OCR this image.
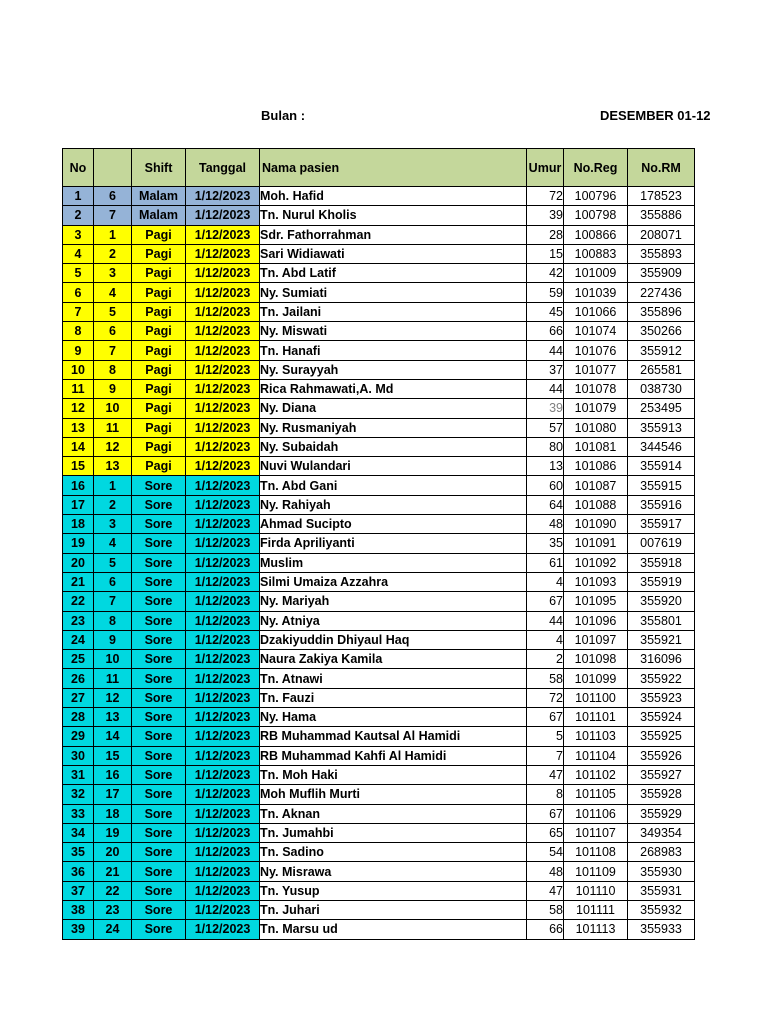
Bulan :	DESEMBER 01-12
No		Shift	Tanggal	Nama pasien	Umur	No.Reg	No.RM
1	6	Malam	1/12/2023	Moh. Hafid	72	100796	178523
2	7	Malam	1/12/2023	Tn. Nurul Kholis	39	100798	355886
3	1	Pagi	1/12/2023	Sdr. Fathorrahman	28	100866	208071
4	2	Pagi	1/12/2023	Sari Widiawati	15	100883	355893
5	3	Pagi	1/12/2023	Tn. Abd Latif	42	101009	355909
6	4	Pagi	1/12/2023	Ny. Sumiati	59	101039	227436
7	5	Pagi	1/12/2023	Tn. Jailani	45	101066	355896
8	6	Pagi	1/12/2023	Ny. Miswati	66	101074	350266
9	7	Pagi	1/12/2023	Tn. Hanafi	44	101076	355912
10	8	Pagi	1/12/2023	Ny. Surayyah	37	101077	265581
11	9	Pagi	1/12/2023	Rica Rahmawati,A. Md	44	101078	038730
12	10	Pagi	1/12/2023	Ny. Diana	39	101079	253495
13	11	Pagi	1/12/2023	Ny. Rusmaniyah	57	101080	355913
14	12	Pagi	1/12/2023	Ny. Subaidah	80	101081	344546
15	13	Pagi	1/12/2023	Nuvi Wulandari	13	101086	355914
16	1	Sore	1/12/2023	Tn. Abd Gani	60	101087	355915
17	2	Sore	1/12/2023	Ny. Rahiyah	64	101088	355916
18	3	Sore	1/12/2023	Ahmad Sucipto	48	101090	355917
19	4	Sore	1/12/2023	Firda Apriliyanti	35	101091	007619
20	5	Sore	1/12/2023	Muslim	61	101092	355918
21	6	Sore	1/12/2023	Silmi Umaiza Azzahra	4	101093	355919
22	7	Sore	1/12/2023	Ny. Mariyah	67	101095	355920
23	8	Sore	1/12/2023	Ny. Atniya	44	101096	355801
24	9	Sore	1/12/2023	Dzakiyuddin Dhiyaul Haq	4	101097	355921
25	10	Sore	1/12/2023	Naura Zakiya Kamila	2	101098	316096
26	11	Sore	1/12/2023	Tn. Atnawi	58	101099	355922
27	12	Sore	1/12/2023	Tn. Fauzi	72	101100	355923
28	13	Sore	1/12/2023	Ny. Hama	67	101101	355924
29	14	Sore	1/12/2023	RB Muhammad Kautsal Al Hamidi	5	101103	355925
30	15	Sore	1/12/2023	RB Muhammad Kahfi Al Hamidi	7	101104	355926
31	16	Sore	1/12/2023	Tn. Moh Haki	47	101102	355927
32	17	Sore	1/12/2023	Moh Muflih Murti	8	101105	355928
33	18	Sore	1/12/2023	Tn. Aknan	67	101106	355929
34	19	Sore	1/12/2023	Tn. Jumahbi	65	101107	349354
35	20	Sore	1/12/2023	Tn. Sadino	54	101108	268983
36	21	Sore	1/12/2023	Ny. Misrawa	48	101109	355930
37	22	Sore	1/12/2023	Tn. Yusup	47	101110	355931
38	23	Sore	1/12/2023	Tn. Juhari	58	101111	355932
39	24	Sore	1/12/2023	Tn. Marsu ud	66	101113	355933
